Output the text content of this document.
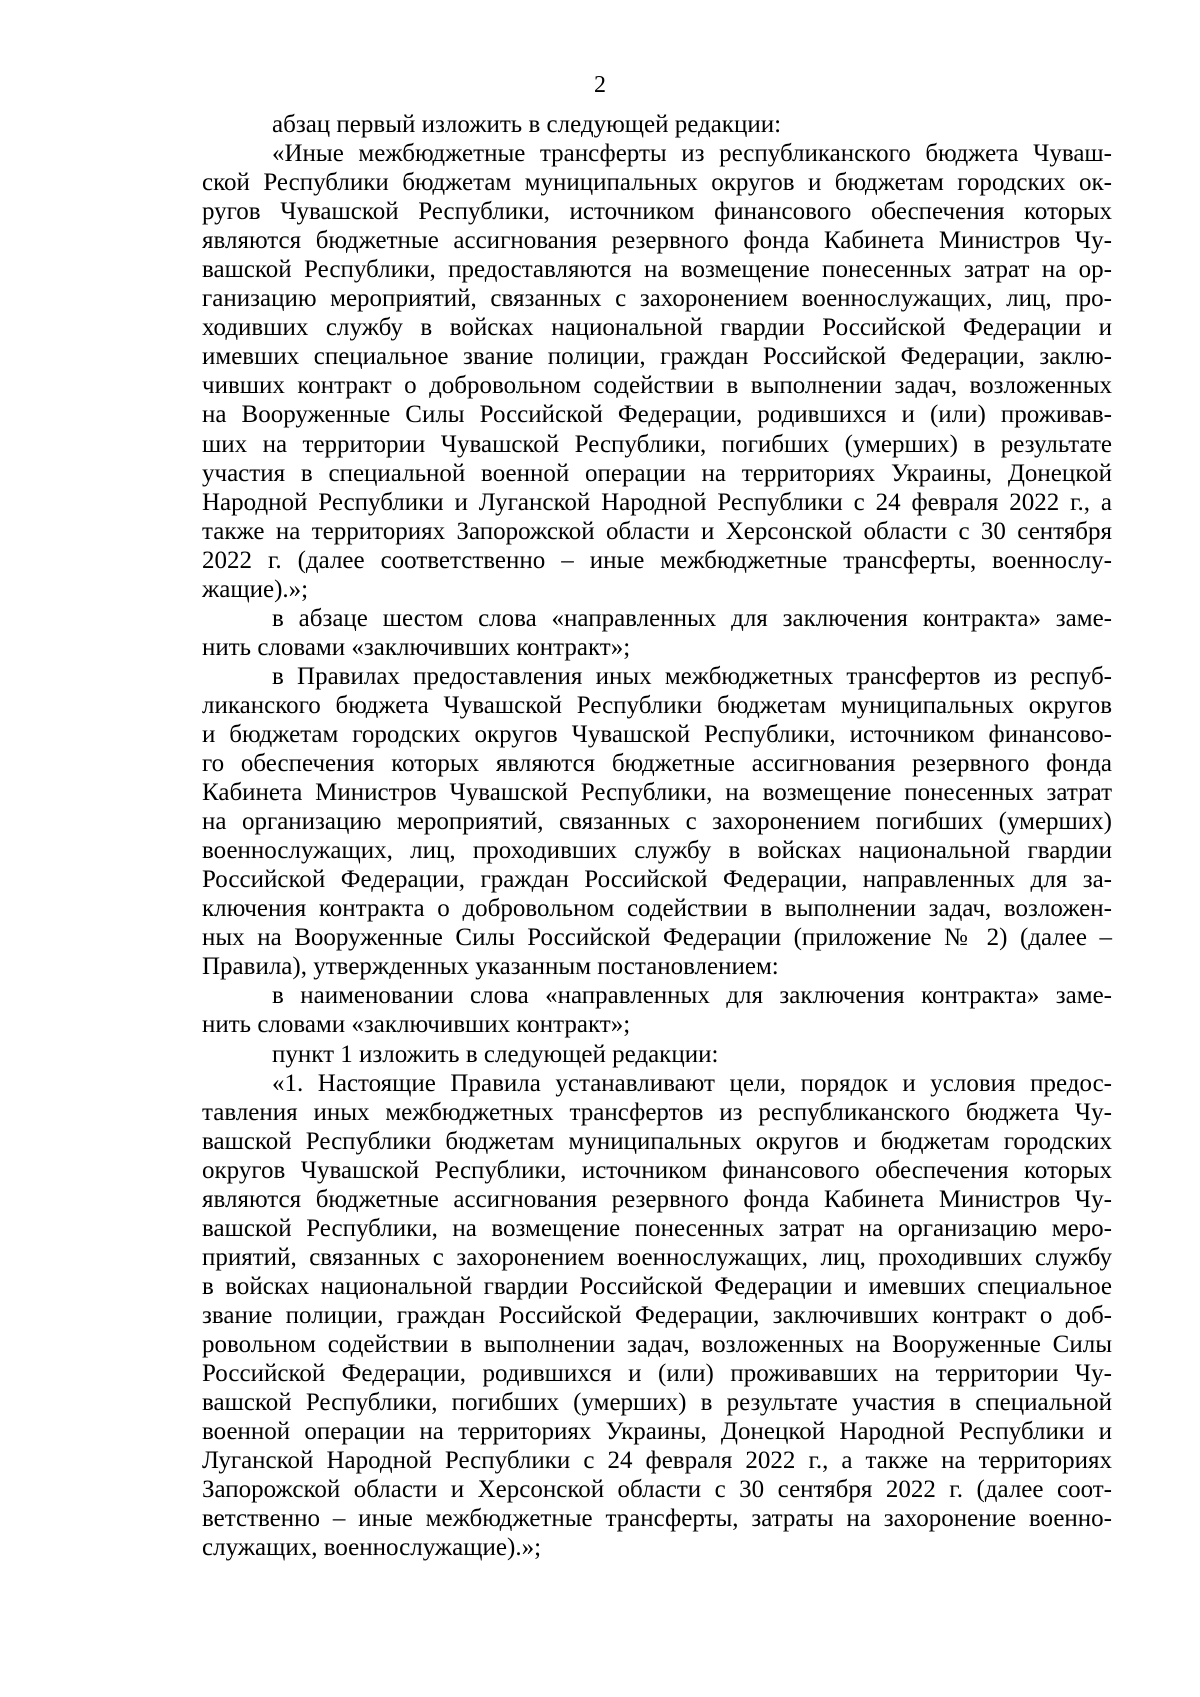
2
абзац первый изложить в следующей редакции:
«Иные межбюджетные трансферты из республиканского бюджета Чуваш-
ской Республики бюджетам муниципальных округов и бюджетам городских ок-
ругов Чувашской Республики, источником финансового обеспечения которых
являются бюджетные ассигнования резервного фонда Кабинета Министров Чу-
вашской Республики, предоставляются на возмещение понесенных затрат на ор-
ганизацию мероприятий, связанных с захоронением военнослужащих, лиц, про-
ходивших службу в войсках национальной гвардии Российской Федерации и
имевших специальное звание полиции, граждан Российской Федерации, заклю-
чивших контракт о добровольном содействии в выполнении задач, возложенных
на Вооруженные Силы Российской Федерации, родившихся и (или) проживав-
ших на территории Чувашской Республики, погибших (умерших) в результате
участия в специальной военной операции на территориях Украины, Донецкой
Народной Республики и Луганской Народной Республики с 24 февраля 2022 г., а
также на территориях Запорожской области и Херсонской области с 30 сентября
2022 г. (далее соответственно – иные межбюджетные трансферты, военнослу-
жащие).»;
в абзаце шестом слова «направленных для заключения контракта» заме-
нить словами «заключивших контракт»;
в Правилах предоставления иных межбюджетных трансфертов из респуб-
ликанского бюджета Чувашской Республики бюджетам муниципальных округов
и бюджетам городских округов Чувашской Республики, источником финансово-
го обеспечения которых являются бюджетные ассигнования резервного фонда
Кабинета Министров Чувашской Республики, на возмещение понесенных затрат
на организацию мероприятий, связанных с захоронением погибших (умерших)
военнослужащих, лиц, проходивших службу в войсках национальной гвардии
Российской Федерации, граждан Российской Федерации, направленных для за-
ключения контракта о добровольном содействии в выполнении задач, возложен-
ных на Вооруженные Силы Российской Федерации (приложение № 2) (далее –
Правила), утвержденных указанным постановлением:
в наименовании слова «направленных для заключения контракта» заме-
нить словами «заключивших контракт»;
пункт 1 изложить в следующей редакции:
«1. Настоящие Правила устанавливают цели, порядок и условия предос-
тавления иных межбюджетных трансфертов из республиканского бюджета Чу-
вашской Республики бюджетам муниципальных округов и бюджетам городских
округов Чувашской Республики, источником финансового обеспечения которых
являются бюджетные ассигнования резервного фонда Кабинета Министров Чу-
вашской Республики, на возмещение понесенных затрат на организацию меро-
приятий, связанных с захоронением военнослужащих, лиц, проходивших службу
в войсках национальной гвардии Российской Федерации и имевших специальное
звание полиции, граждан Российской Федерации, заключивших контракт о доб-
ровольном содействии в выполнении задач, возложенных на Вооруженные Силы
Российской Федерации, родившихся и (или) проживавших на территории Чу-
вашской Республики, погибших (умерших) в результате участия в специальной
военной операции на территориях Украины, Донецкой Народной Республики и
Луганской Народной Республики с 24 февраля 2022 г., а также на территориях
Запорожской области и Херсонской области с 30 сентября 2022 г. (далее соот-
ветственно – иные межбюджетные трансферты, затраты на захоронение военно-
служащих, военнослужащие).»;
